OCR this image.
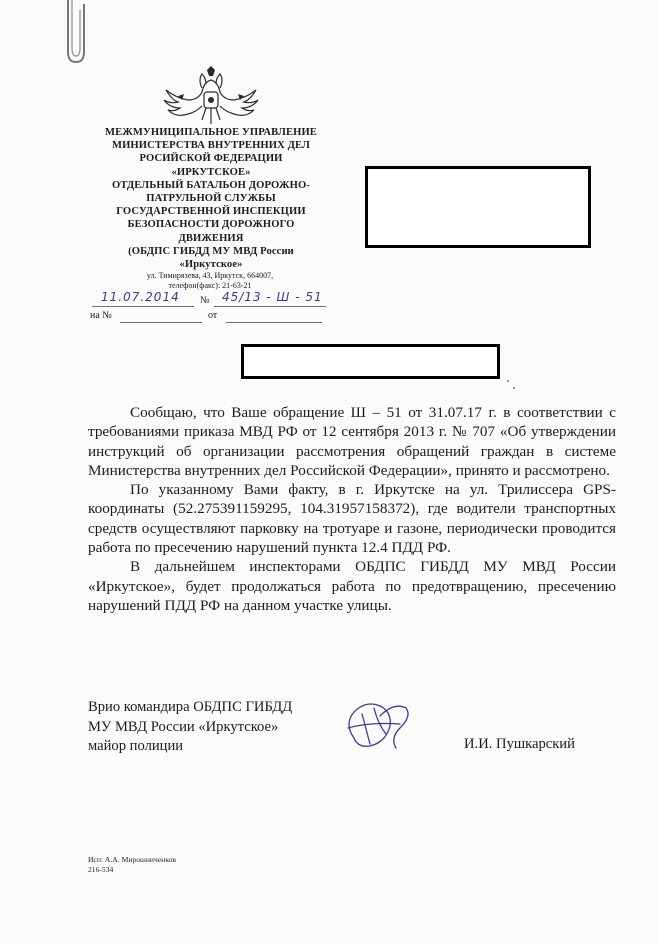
МЕЖМУНИЦИПАЛЬНОЕ УПРАВЛЕНИЕ
МИНИСТЕРСТВА ВНУТРЕННИХ ДЕЛ
РОСИЙСКОЙ ФЕДЕРАЦИИ
«ИРКУТСКОЕ»
ОТДЕЛЬНЫЙ БАТАЛЬОН ДОРОЖНО-
ПАТРУЛЬНОЙ СЛУЖБЫ
ГОСУДАРСТВЕННОЙ ИНСПЕКЦИИ
БЕЗОПАСНОСТИ ДОРОЖНОГО
ДВИЖЕНИЯ
(ОБДПС ГИБДД МУ МВД России
«Иркутское»
ул. Тимирязева, 43, Иркутск, 664007,
телефон(факс): 21-63-21
11.07.2014 № 45/13 - Ш - 51
на №	от

Сообщаю, что Ваше обращение Ш – 51 от 31.07.17 г. в соответствии с требованиями приказа МВД РФ от 12 сентября 2013 г. № 707 «Об утверждении инструкций об организации рассмотрения обращений граждан в системе Министерства внутренних дел Российской Федерации», принято и рассмотрено.

По указанному Вами факту, в г. Иркутске на ул. Трилиссера GPS-координаты (52.275391159295, 104.31957158372), где водители транспортных средств осуществляют парковку на тротуаре и газоне, периодически проводится работа по пресечению нарушений пункта 12.4 ПДД РФ.

В дальнейшем инспекторами ОБДПС ГИБДД МУ МВД России «Иркутское», будет продолжаться работа по предотвращению, пресечению нарушений ПДД РФ на данном участке улицы.

Врио командира ОБДПС ГИБДД
МУ МВД России «Иркутское»
майор полиции	И.И. Пушкарский
Исп: А.А. Мирошниченков
216-534
